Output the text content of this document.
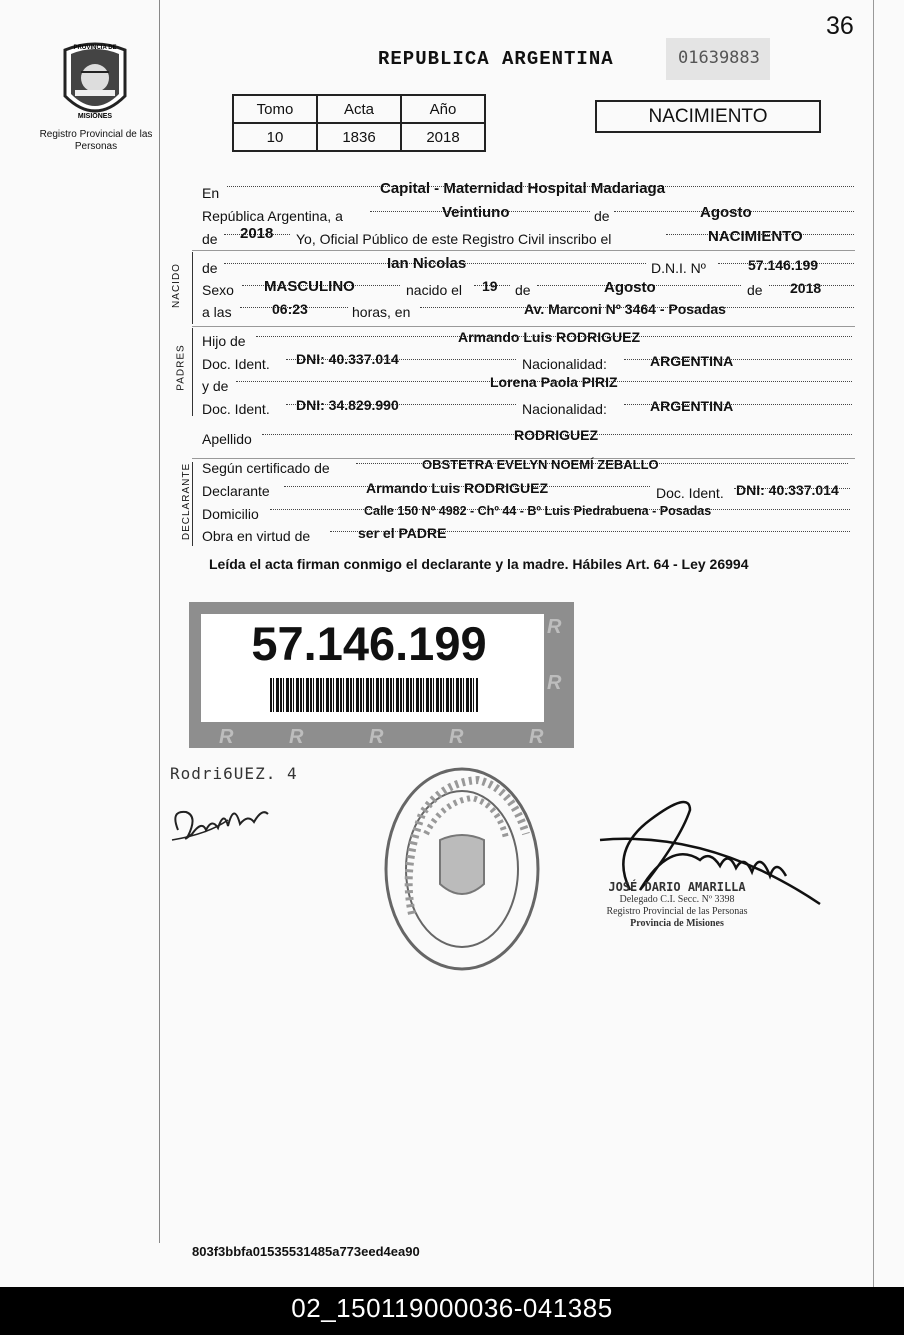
36
PROVINCIA DE
MISIONES
Registro Provincial de las Personas
REPUBLICA ARGENTINA	01639883
Tomo	Acta	Año
10	1836	2018
NACIMIENTO
En	Capital - Maternidad Hospital Madariaga
República Argentina, a	Veintiuno	de	Agosto
de 2018 Yo, Oficial Público de este Registro Civil inscribo el	NACIMIENTO
NACIDO de	Ian Nicolas	D.N.I. Nº	57.146.199
Sexo MASCULINO	nacido el 19 de	Agosto	de 2018
a las	06:23	horas, en	Av. Marconi Nº 3464 - Posadas
PADRES
Hijo de	Armando Luis RODRIGUEZ
Doc. Ident. DNI: 40.337.014	Nacionalidad:	ARGENTINA
y de	Lorena Paola PIRIZ
Doc. Ident. DNI: 34.829.990	Nacionalidad:	ARGENTINA
Apellido	RODRIGUEZ
DECLARANTE Según certificado de	OBSTETRA EVELYN NOEMÍ ZEBALLO
Declarante	Armando Luis RODRIGUEZ	Doc. Ident. DNI: 40.337.014
Domicilio	Calle 150 Nº 4982 - Chº 44 - Bº Luis Piedrabuena - Posadas
Obra en virtud de	ser el PADRE
Leída el acta firman conmigo el declarante y la madre. Hábiles Art. 64 - Ley 26994
R
R
R	R	R	R	R
57.146.199
Rodri6UEZ. 4
JOSÉ DARIO AMARILLA
Delegado C.I. Secc. Nº 3398
Registro Provincial de las Personas
Provincia de Misiones
803f3bbfa01535531485a773eed4ea90
02_150119000036-041385
